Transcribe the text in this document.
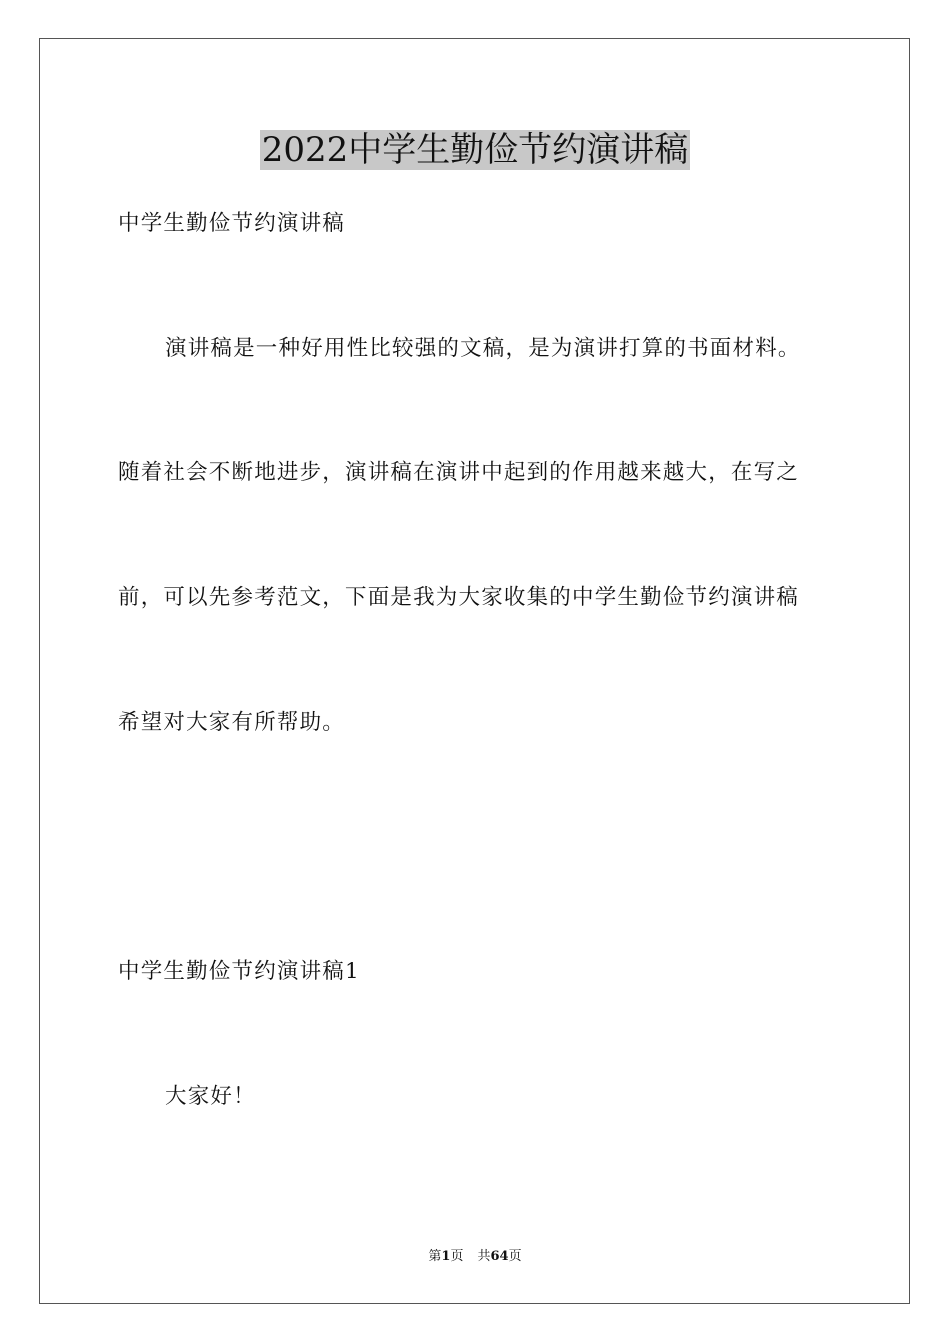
2022中学生勤俭节约演讲稿
中学生勤俭节约演讲稿
演讲稿是一种好用性比较强的文稿，是为演讲打算的书面材料。
随着社会不断地进步，演讲稿在演讲中起到的作用越来越大，在写之
前，可以先参考范文，下面是我为大家收集的中学生勤俭节约演讲稿
希望对大家有所帮助。
中学生勤俭节约演讲稿1
大家好！
第1页 共64页
